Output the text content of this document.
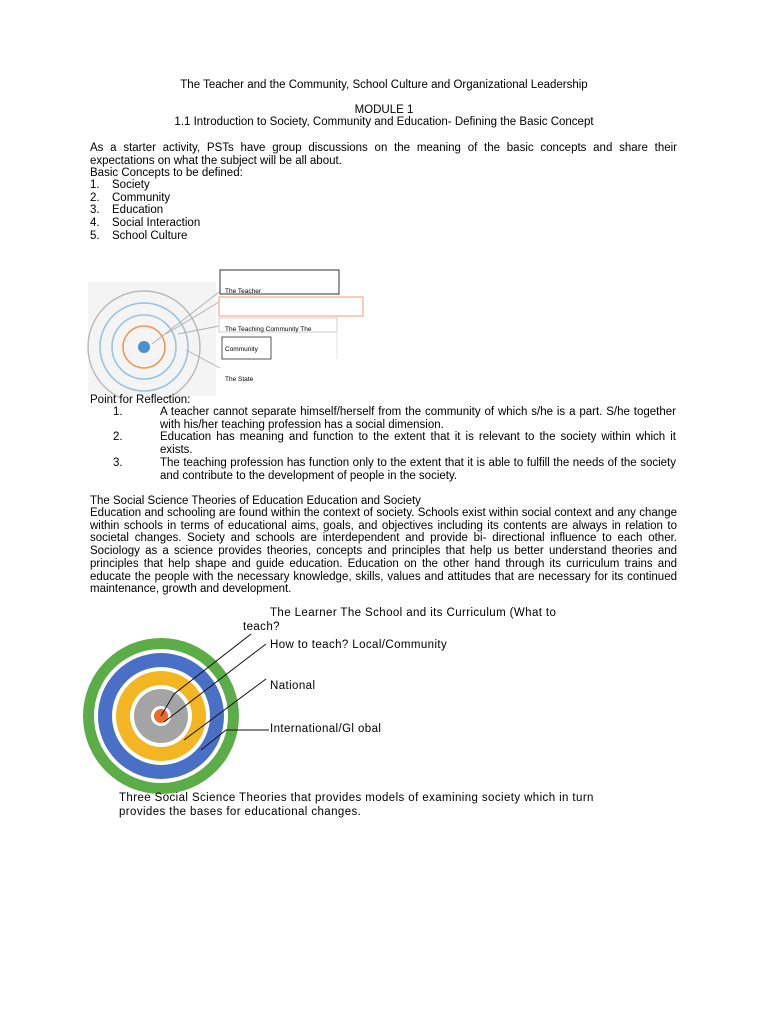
The Teacher and the Community, School Culture and Organizational Leadership
MODULE 1
1.1 Introduction to Society, Community and Education- Defining the Basic Concept
As a starter activity, PSTs have group discussions on the meaning of the basic concepts and share their expectations on what the subject will be all about.
Basic Concepts to be defined:
1.	Society
2.	Community
3.	Education
4.	Social Interaction
5.	School Culture
The Teacher
The Teaching Community The
Community
The State
Point for Reflection:
1.	A teacher cannot separate himself/herself from the community of which s/he is a part. S/he together with his/her teaching profession has a social dimension.
2.	Education has meaning and function to the extent that it is relevant to the society within which it exists.
3.	The teaching profession has function only to the extent that it is able to fulfill the needs of the society and contribute to the development of people in the society.
The Social Science Theories of Education Education and Society
Education and schooling are found within the context of society. Schools exist within social context and any change within schools in terms of educational aims, goals, and objectives including its contents are always in relation to societal changes. Society and schools are interdependent and provide bi- directional influence to each other. Sociology as a science provides theories, concepts and principles that help us better understand theories and principles that help shape and guide education. Education on the other hand through its curriculum trains and educate the people with the necessary knowledge, skills, values and attitudes that are necessary for its continued maintenance, growth and development.
The Learner The School and its Curriculum (What to
teach?
How to teach? Local/Community
National
International/Gl obal
Three Social Science Theories that provides models of examining society which in turn
provides the bases for educational changes.
